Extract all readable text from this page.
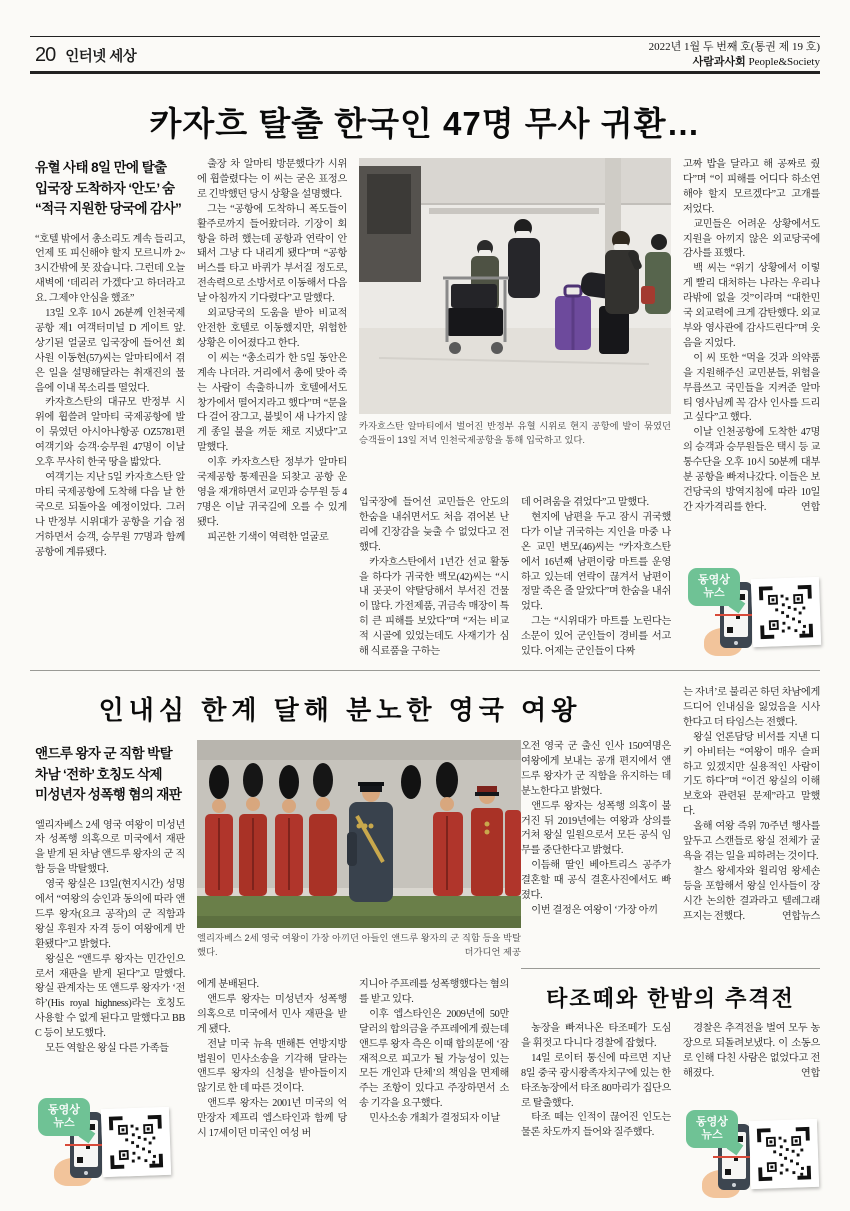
20 인터넷 세상
2022년 1월 두 번째 호(통권 제 19 호)
사람과사회 People&Society
카자흐 탈출 한국인 47명 무사 귀환…
유혈 사태 8일 만에 탈출
입국장 도착하자 ‘안도’ 숨
“적극 지원한 당국에 감사”

“호텔 밖에서 총소리도 계속 들리고, 언제 또 피신해야 할지 모르니까 2~3시간밖에 못 잤습니다. 그런데 오늘 새벽에 ‘데리러 가겠다’고 하더라고요. 그제야 안심을 했죠”

13일 오후 10시 26분께 인천국제공항 제1 여객터미널 D 게이트 앞. 상기된 얼굴로 입국장에 들어선 회사원 이동현(57)씨는 알마티에서 겪은 일을 설명해달라는 취재진의 물음에 이내 목소리를 떨었다.

카자흐스탄의 대규모 반정부 시위에 휩쓸려 알마티 국제공항에 발이 묶였던 아시아나항공 OZ5781편 여객기와 승객·승무원 47명이 이날 오후 무사히 한국 땅을 밟았다.

여객기는 지난 5일 카자흐스탄 알마티 국제공항에 도착해 다음 날 한국으로 되돌아올 예정이었다. 그러나 반정부 시위대가 공항을 기습 점거하면서 승객, 승무원 77명과 함께 공항에 계류됐다.

출장 차 알마티 방문했다가 시위에 휩쓸렸다는 이 씨는 굳은 표정으로 긴박했던 당시 상황을 설명했다.

그는 “공항에 도착하니 폭도들이 활주로까지 들어왔더라. 기장이 회항을 하려 했는데 공항과 연락이 안 돼서 그냥 다 내리게 됐다”며 “공항버스를 타고 바퀴가 부서질 정도로, 전속력으로 소방서로 이동해서 다음 날 아침까지 기다렸다”고 말했다.

외교당국의 도움을 받아 비교적 안전한 호텔로 이동했지만, 위험한 상황은 이어졌다고 한다.

이 씨는 “총소리가 한 5일 동안은 계속 나더라. 거리에서 총에 맞아 죽는 사람이 속출하니까 호텔에서도 창가에서 떨어지라고 했다”며 “문을 다 걸어 잠그고, 불빛이 새 나가지 않게 종일 불을 꺼둔 채로 지냈다”고 말했다.

이후 카자흐스탄 정부가 알마티 국제공항 통제권을 되찾고 공항 운영을 재개하면서 교민과 승무원 등 47명은 이날 귀국길에 오를 수 있게 됐다.

피곤한 기색이 역력한 얼굴로

카자흐스탄 알마티에서 벌어진 반정부 유혈 시위로 현지 공항에 발이 묶였던 승객들이 13일 저녁 인천국제공항을 통해 입국하고 있다.

입국장에 들어선 교민들은 안도의 한숨을 내쉬면서도 처음 겪어본 난리에 긴장감을 늦출 수 없었다고 전했다.

카자흐스탄에서 1년간 선교 활동을 하다가 귀국한 백모(42)씨는 “시내 곳곳이 약탈당해서 부서진 건물이 많다. 가전제품, 귀금속 매장이 특히 큰 피해를 보았다”며 “저는 비교적 시골에 있었는데도 사재기가 심해 식료품을 구하는

데 어려움을 겪었다”고 말했다.

현지에 남편을 두고 잠시 귀국했다가 이날 귀국하는 지인을 마중 나온 교민 변모(46)씨는 “카자흐스탄에서 16년째 남편이랑 마트를 운영하고 있는데 연락이 끊겨서 남편이 정말 죽은 줄 알았다”며 한숨을 내쉬었다.

그는 “시위대가 마트를 노린다는 소문이 있어 군인들이 경비를 서고 있다. 어제는 군인들이 다짜

고짜 밥을 달라고 해 공짜로 줬다”며 “이 피해를 어디다 하소연해야 할지 모르겠다”고 고개를 저었다.

교민들은 어려운 상황에서도 지원을 아끼지 않은 외교당국에 감사를 표했다.

백 씨는 “위기 상황에서 이렇게 빨리 대처하는 나라는 우리나라밖에 없을 것”이라며 “대한민국 외교력에 크게 감탄했다. 외교부와 영사관에 감사드린다”며 웃음을 지었다.

이 씨 또한 “먹을 것과 의약품을 지원해주신 교민분들, 위험을 무릅쓰고 국민들을 지켜준 알마티 영사님께 꼭 감사 인사를 드리고 싶다”고 했다.

이날 인천공항에 도착한 47명의 승객과 승무원들은 택시 등 교통수단을 오후 10시 50분께 대부분 공항을 빠져나갔다. 이들은 보건당국의 방역지침에 따라 10일간 자가격리를 한다.	연합

동영상
뉴스
인내심 한계 달해 분노한 영국 여왕
앤드루 왕자 군 직함 박탈
차남 ‘전하’ 호칭도 삭제
미성년자 성폭행 혐의 재판

엘리자베스 2세 영국 여왕이 미성년자 성폭행 의혹으로 미국에서 재판을 받게 된 차남 앤드루 왕자의 군 직함 등을 박탈했다.

영국 왕실은 13일(현지시간) 성명에서 “여왕의 승인과 동의에 따라 앤드루 왕자(요크 공작)의 군 직함과 왕실 후원자 자격 등이 여왕에게 반환됐다”고 밝혔다.

왕실은 “앤드루 왕자는 민간인으로서 재판을 받게 된다”고 말했다. 왕실 관계자는 또 앤드루 왕자가 ‘전하’(His royal highness)라는 호칭도 사용할 수 없게 된다고 말했다고 BBC 등이 보도했다.

모든 역할은 왕실 다른 가족들

엘리자베스 2세 영국 여왕이 가장 아끼던 아들인 앤드루 왕자의 군 직함 등을 박탈했다.	더가디언 제공

에게 분배된다.

앤드루 왕자는 미성년자 성폭행 의혹으로 미국에서 민사 재판을 받게 됐다.

전날 미국 뉴욕 맨해튼 연방지방법원이 민사소송을 기각해 달라는 앤드루 왕자의 신청을 받아들이지 않기로 한 데 따른 것이다.

앤드루 왕자는 2001년 미국의 억만장자 제프리 엡스타인과 함께 당시 17세이던 미국인 여성 버

지니아 주프레를 성폭행했다는 혐의를 받고 있다.

이후 엡스타인은 2009년에 50만 달러의 합의금을 주프레에게 줬는데 앤드루 왕자 측은 이때 합의문에 ‘잠재적으로 피고가 될 가능성이 있는 모든 개인과 단체’의 책임을 면제해주는 조항이 있다고 주장하면서 소송 기각을 요구했다.

민사소송 개최가 결정되자 이날

오전 영국 군 출신 인사 150여명은 여왕에게 보내는 공개 편지에서 앤드루 왕자가 군 직함을 유지하는 데 분노한다고 밝혔다.

앤드루 왕자는 성폭행 의혹이 불거진 뒤 2019년에는 여왕과 상의를 거쳐 왕실 일원으로서 모든 공식 임무를 중단한다고 밝혔다.

이듬해 딸인 베아트리스 공주가 결혼할 때 공식 결혼사진에서도 빠졌다.

이번 결정은 여왕이 ‘가장 아끼

는 자녀’로 불리곤 하던 차남에게 드디어 인내심을 잃었음을 시사한다고 더 타임스는 전했다.

왕실 언론담당 비서를 지낸 디키 아비터는 “여왕이 매우 슬퍼하고 있겠지만 실용적인 사람이기도 하다”며 “이건 왕실의 이해 보호와 관련된 문제”라고 말했다.

올해 여왕 즉위 70주년 행사를 앞두고 스캔들로 왕실 전체가 굴욕을 겪는 일을 피하려는 것이다.

찰스 왕세자와 윌리엄 왕세손 등을 포함해서 왕실 인사들이 장시간 논의한 결과라고 텔레그래프지는 전했다.	연합뉴스

동영상
뉴스
타조떼와 한밤의 추격전

농장을 빠져나온 타조떼가 도심을 휘젓고 다니다 경찰에 잡혔다.

14일 로이터 통신에 따르면 지난 8일 중국 광시좡족자치구'에 있는 한 타조농장에서 타조 80마리가 집단으로 탈출했다.

타조 떼는 인적이 끊어진 인도는 물론 차도까지 들어와 질주했다.

경찰은 추격전을 벌여 모두 농장으로 되돌려보냈다. 이 소동으로 인해 다친 사람은 없었다고 전해졌다.	연합

동영상
뉴스
